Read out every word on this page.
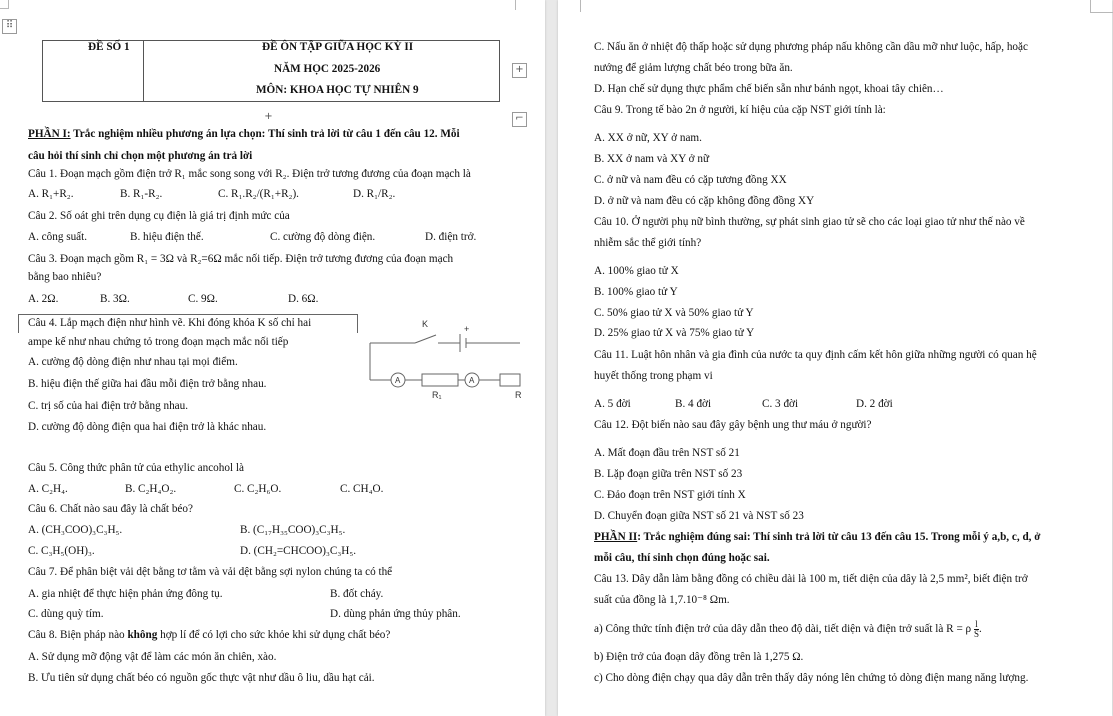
⠿
ĐỀ SỐ 1	ĐỀ ÔN TẬP GIỮA HỌC KỲ II
NĂM HỌC 2025-2026
MÔN: KHOA HỌC TỰ NHIÊN 9
+
+	⌐
PHẦN I: Trắc nghiệm nhiều phương án lựa chọn: Thí sinh trả lời từ câu 1 đến câu 12. Mỗi
câu hỏi thí sinh chỉ chọn một phương án trả lời
Câu 1. Đoạn mạch gồm điện trở R₁ mắc song song với R₂. Điện trở tương đương của đoạn mạch là
A. R₁+R₂.	B. R₁-R₂.	C. R₁.R₂/(R₁+R₂).	D. R₁/R₂.
Câu 2. Số oát ghi trên dụng cụ điện là giá trị định mức của
A. công suất.	B. hiệu điện thế.	C. cường độ dòng điện.	D. điện trở.
Câu 3. Đoạn mạch gồm R₁ = 3Ω và R₂=6Ω mắc nối tiếp. Điện trở tương đương của đoạn mạch
bằng bao nhiêu?
A. 2Ω.	B. 3Ω.	C. 9Ω.	D. 6Ω.
Câu 4. Lắp mạch điện như hình vẽ. Khi đóng khóa K số chỉ hai
ampe kế như nhau chứng tỏ trong đoạn mạch mắc nối tiếp
A. cường độ dòng điện như nhau tại mọi điểm.
B. hiệu điện thế giữa hai đầu mỗi điện trở bằng nhau.
C. trị số của hai điện trở bằng nhau.
D. cường độ dòng điện qua hai điện trở là khác nhau.
K	+
A	A
R₁	R
Câu 5. Công thức phân tử của ethylic ancohol là
A. C₂H₄.	B. C₂H₄O₂.	C. C₂H₆O.	C. CH₄O.
Câu 6. Chất nào sau đây là chất béo?
A. (CH₃COO)₃C₃H₅.	B. (C₁₇H₃₅COO)₃C₃H₅.
C. C₃H₅(OH)₃.	D. (CH₂=CHCOO)₃C₃H₅.
Câu 7. Để phân biệt vải dệt bằng tơ tằm và vải dệt bằng sợi nylon chúng ta có thể
A. gia nhiệt để thực hiện phản ứng đông tụ.	B. đốt cháy.
C. dùng quỳ tím.	D. dùng phản ứng thủy phân.
Câu 8. Biện pháp nào không hợp lí để có lợi cho sức khỏe khi sử dụng chất béo?
A. Sử dụng mỡ động vật để làm các món ăn chiên, xào.
B. Ưu tiên sử dụng chất béo có nguồn gốc thực vật như dầu ô liu, dầu hạt cải.
C. Nấu ăn ở nhiệt độ thấp hoặc sử dụng phương pháp nấu không cần dầu mỡ như luộc, hấp, hoặc
nướng để giảm lượng chất béo trong bữa ăn.
D. Hạn chế sử dụng thực phẩm chế biến sẵn như bánh ngọt, khoai tây chiên…
Câu 9. Trong tế bào 2n ở người, kí hiệu của cặp NST giới tính là:
A. XX ở nữ, XY ở nam.
B. XX ở nam và XY ở nữ
C. ở nữ và nam đều có cặp tương đồng XX
D. ở nữ và nam đều có cặp không đồng đồng XY
Câu 10. Ở người phụ nữ bình thường, sự phát sinh giao tử sẽ cho các loại giao tử như thế nào về
nhiễm sắc thể giới tính?
A. 100% giao tử X
B. 100% giao tử Y
C. 50% giao tử X và 50% giao tử Y
D. 25% giao tử X và 75% giao tử Y
Câu 11. Luật hôn nhân và gia đình của nước ta quy định cấm kết hôn giữa những người có quan hệ
huyết thống trong phạm vi
A. 5 đời	B. 4 đời	C. 3 đời	D. 2 đời
Câu 12. Đột biến nào sau đây gây bệnh ung thư máu ở người?
A. Mất đoạn đầu trên NST số 21
B. Lặp đoạn giữa trên NST số 23
C. Đảo đoạn trên NST giới tính X
D. Chuyển đoạn giữa NST số 21 và NST số 23
PHẦN II: Trắc nghiệm đúng sai: Thí sinh trả lời từ câu 13 đến câu 15. Trong mỗi ý a,b, c, d, ở
mỗi câu, thí sinh chọn đúng hoặc sai.
Câu 13. Dây dẫn làm bằng đồng có chiều dài là 100 m, tiết diện của dây là 2,5 mm², biết điện trở
suất của đồng là 1,7.10⁻⁸ Ωm.
a) Công thức tính điện trở của dây dẫn theo độ dài, tiết diện và điện trở suất là R = ρ $\frac{l}{S}$ .
b) Điện trở của đoạn dây đồng trên là 1,275 Ω.
c) Cho dòng điện chạy qua dây dẫn trên thấy dây nóng lên chứng tỏ dòng điện mang năng lượng.
